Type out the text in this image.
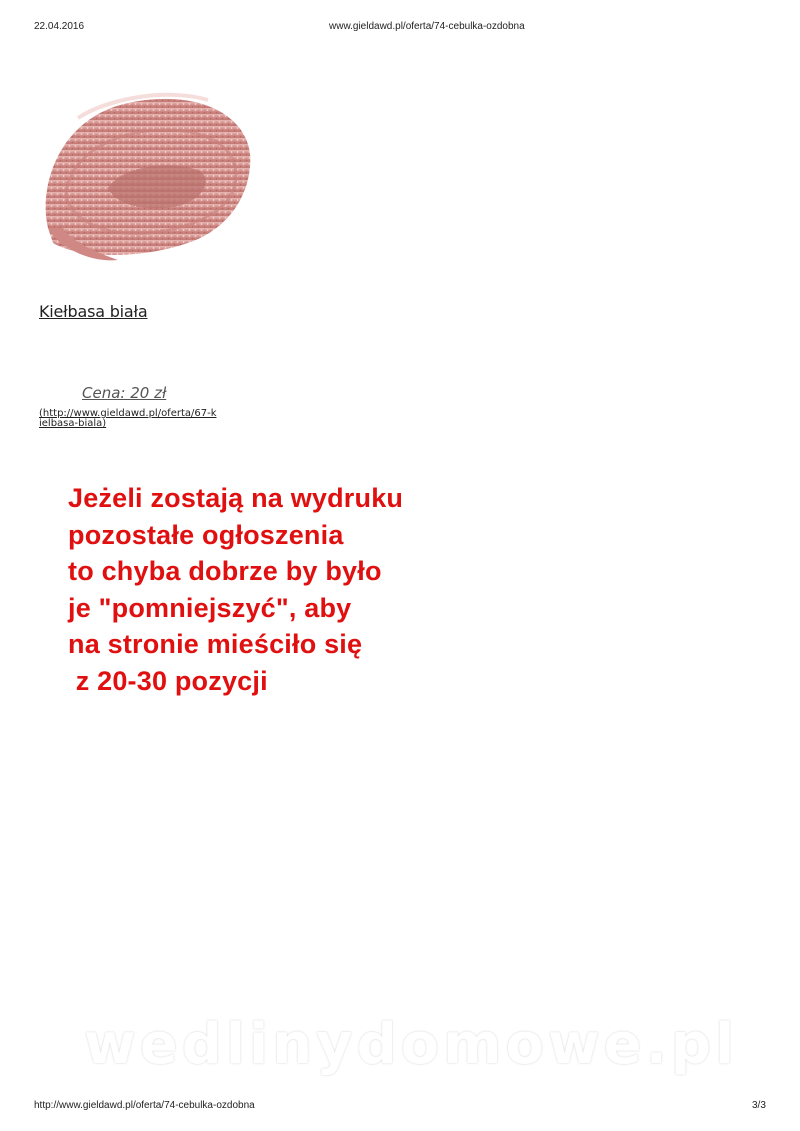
22.04.2016	www.gieldawd.pl/oferta/74-cebulka-ozdobna
Kiełbasa biała
Cena: 20 zł
(http://www.gieldawd.pl/oferta/67-kielbasa-biala)
Jeżeli zostają na wydruku
pozostałe ogłoszenia
to chyba dobrze by było
je "pomniejszyć", aby
na stronie mieściło się
z 20-30 pozycji
wedlinydomowe.pl
http://www.gieldawd.pl/oferta/74-cebulka-ozdobna	3/3
